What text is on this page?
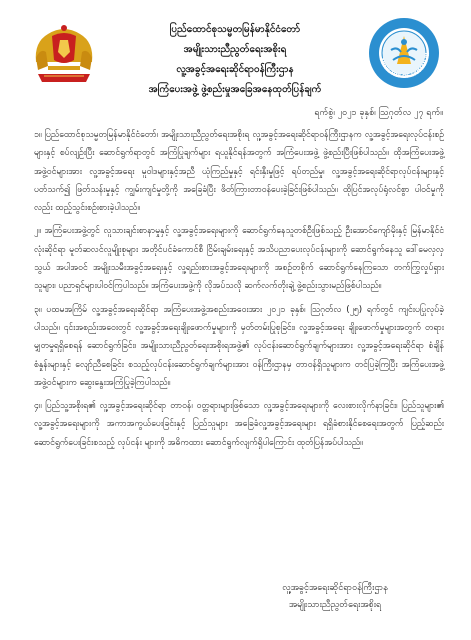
ပြည်ထောင်စုသမ္မတမြန်မာနိုင်ငံတော်
အမျိုးသားညီညွတ်ရေးအစိုးရ
လူ့အခွင့်အရေးဆိုင်ရာဝန်ကြီးဌာန
အကြံပေးအဖွဲ့ ဖွဲ့စည်းမှုအခြေအနေထုတ်ပြန်ချက်
MINISTRY OF HUMAN RI
ရက်စွဲ၊ ၂၀၂၁ ခုနှစ်၊ ဩဂုတ်လ ၂၇ ရက်။

၁။ ပြည်ထောင်စုသမ္မတမြန်မာနိုင်ငံတော်၊ အမျိုးသားညီညွတ်ရေးအစိုးရ လူ့အခွင့်အရေးဆိုင်ရာဝန်ကြီးဌာနက လူ့အခွင့်အရေးလုပ်ငန်းစဉ်များနှင့် စပ်လျဉ်းပြီး ဆောင်ရွက်ရာတွင် အကြံပြုချက်များ ရယူနိုင်ရန်အတွက် အကြံပေးအဖွဲ့ ဖွဲ့စည်းပြီးဖြစ်ပါသည်။ ထိုအကြံပေးအဖွဲ့ အဖွဲ့ဝင်များအား လူ့အခွင့်အရေး မူဝါဒများနှင့်အညီ ယုံကြည်မှုနှင့် ရင်းနှီးမှုဖြင့် ရပ်တည်မှု၊ လူ့အခွင့်အရေးဆိုင်ရာလုပ်ငန်းများနှင့် ပတ်သက်၍ ဖြတ်သန်းမှုနှင့် ကျွမ်းကျင်မှုတို့ကို အခြေခံပြီး ဖိတ်ကြားတာဝန်ပေးခဲ့ခြင်းဖြစ်ပါသည်။ ထိုပြင်အလုပ်ရုံလင်စွာ ပါဝင်မှုကိုလည်း ထည့်သွင်းစဉ်းစားခဲ့ပါသည်။

၂။ အကြံပေးအဖွဲ့တွင် လူသားချင်းစာနာမှုနှင့် လူ့အခွင့်အရေးများကို ဆောင်ရွက်နေသူတစ်ဦးဖြစ်သည့် ဦးအောင်ကျော်မိုးနှင့် မြန်မာနိုင်ငံလုံးဆိုင်ရာ မူတ်ဆလင်လူမျိုးစုများ အတိုင်ပင်ခံကောင်စီ ငြိမ်းချမ်းရေးနှင့် အသိပညာပေးလုပ်ငန်းများကို ဆောင်ရွက်နေသူ ဒေါ်မေလှလှသွယ် အပါအဝင် အမျိုးသမီးအခွင့်အရေးနှင့် လူ့ရည်းစားအခွင့်အရေးများကို အစဉ်တစိုက် ဆောင်ရွက်နေကြသော တက်ကြွလှုပ်ရှားသူများ၊ ပညာရှင်များပါဝင်ကြပါသည်။ အကြံပေးအဖွဲ့ကို လိုအပ်သလို ဆက်လက်တိုးချဲ့ ဖွဲ့စည်းသွားမည်ဖြစ်ပါသည်။

၃။ ပထမအကြိမ် လူ့အခွင့်အရေးဆိုင်ရာ အကြံပေးအဖွဲ့အစည်းအဝေးအား ၂၀၂၁ ခုနှစ်၊ ဩဂုတ်လ (၂၅) ရက်တွင် ကျင်းပပြုလုပ်ခဲ့ပါသည်။ ၎င်းအစည်းအဝေးတွင် လူ့အခွင့်အရေးချိုးဖောက်မှုများကို မှတ်တမ်းပြုစုခြင်း၊ လူ့အခွင့်အရေး ချိုးဖောက်မှုများအတွက် တရားမျှတမှုရရှိစေရန် ဆောင်ရွက်ခြင်း၊ အမျိုးသားညီညွတ်ရေးအစိုးရအဖွဲ့၏ လုပ်ငန်းဆောင်ရွက်ချက်များအား လူ့အခွင့်အရေးဆိုင်ရာ စံချိန်စံနှုန်းများနှင့် လျော်ညီစေခြင်း စသည့်လုပ်ငန်းဆောင်ရွက်ချက်များအား ဝန်ကြီးဌာနမှ တာဝန်ရှိသူများက တင်ပြခဲ့ကြပြီး အကြံပေးအဖွဲ့ အဖွဲ့ဝင်များက ဆွေးနွေးအကြံပြုခဲ့ကြပါသည်။

၄။ ပြည်သူ့အစိုးရ၏ လူ့အခွင့်အရေးဆိုင်ရာ တာဝန်၊ ဝတ္တရားများဖြစ်သော လူ့အခွင့်အရေးများကို လေးစားလိုက်နာခြင်း၊ ပြည်သူများ၏ လူ့အခွင့်အရေးများကို အကာအကွယ်ပေးခြင်းနှင့် ပြည်သူများ အခြေခံလူ့အခွင့်အရေးများ ရရှိခံစားနိုင်စေရေးအတွက် ပြည့်ဆည်းဆောင်ရွက်ပေးခြင်းစသည့် လုပ်ငန်း များကို အဓိကထား ဆောင်ရွက်လျက်ရှိပါကြောင်း ထုတ်ပြန်အပ်ပါသည်။

လူ့အခွင့်အရေးဆိုင်ရာဝန်ကြီးဌာန
အမျိုးသားညီညွတ်ရေးအစိုးရ
